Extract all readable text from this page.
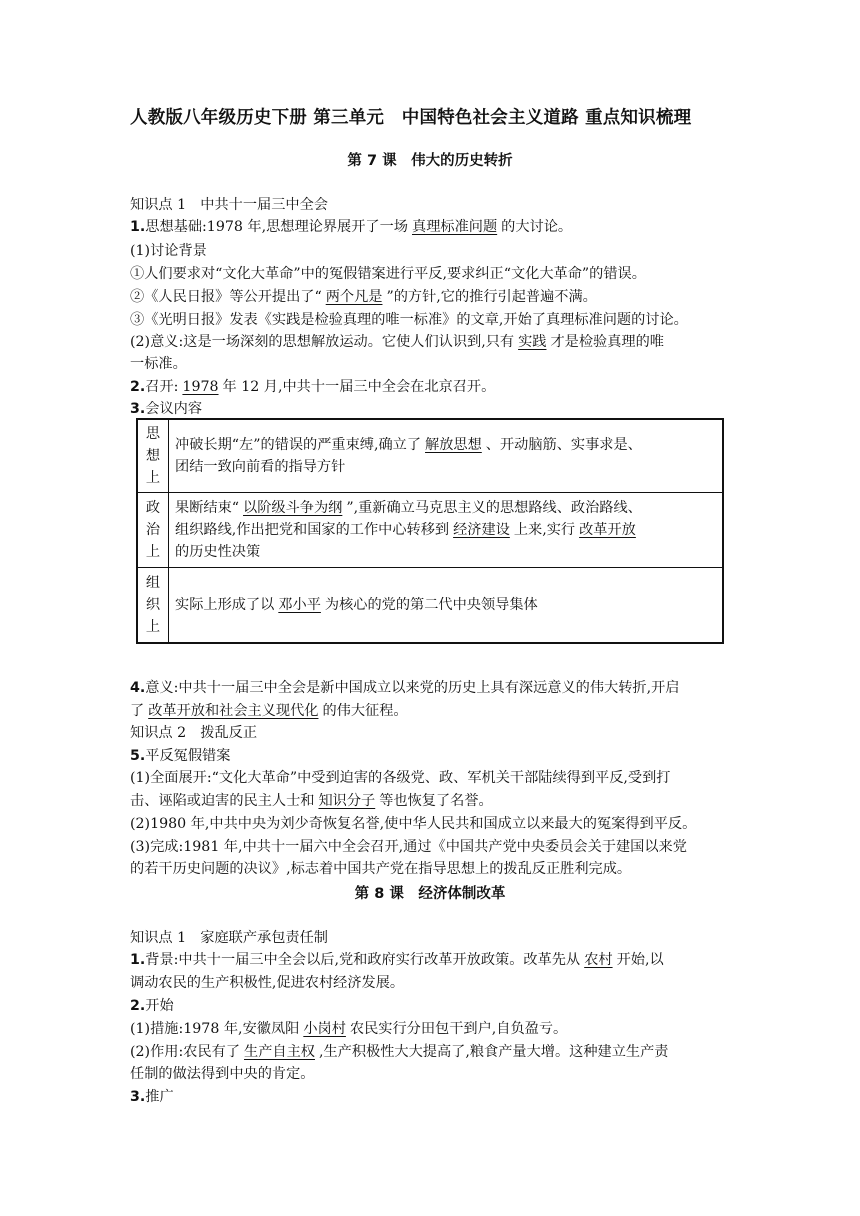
人教版八年级历史下册 第三单元　中国特色社会主义道路 重点知识梳理
第 7 课　伟大的历史转折
知识点 1　中共十一届三中全会
1.思想基础:1978 年,思想理论界展开了一场 真理标准问题 的大讨论。
(1)讨论背景
①人们要求对“文化大革命”中的冤假错案进行平反,要求纠正“文化大革命”的错误。
②《人民日报》等公开提出了“ 两个凡是 ”的方针,它的推行引起普遍不满。
③《光明日报》发表《实践是检验真理的唯一标准》的文章,开始了真理标准问题的讨论。
(2)意义:这是一场深刻的思想解放运动。它使人们认识到,只有 实践 才是检验真理的唯
一标准。
2.召开: 1978 年 12 月,中共十一届三中全会在北京召开。
3.会议内容
思
想
上	冲破长期“左”的错误的严重束缚,确立了 解放思想 、开动脑筋、实事求是、
团结一致向前看的指导方针
政
治
上	果断结束“ 以阶级斗争为纲 ”,重新确立马克思主义的思想路线、政治路线、
组织路线,作出把党和国家的工作中心转移到 经济建设 上来,实行 改革开放
的历史性决策
组
织
上	实际上形成了以 邓小平 为核心的党的第二代中央领导集体
4.意义:中共十一届三中全会是新中国成立以来党的历史上具有深远意义的伟大转折,开启
了 改革开放和社会主义现代化 的伟大征程。
知识点 2　拨乱反正
5.平反冤假错案
(1)全面展开:“文化大革命”中受到迫害的各级党、政、军机关干部陆续得到平反,受到打
击、诬陷或迫害的民主人士和 知识分子 等也恢复了名誉。
(2)1980 年,中共中央为刘少奇恢复名誉,使中华人民共和国成立以来最大的冤案得到平反。
(3)完成:1981 年,中共十一届六中全会召开,通过《中国共产党中央委员会关于建国以来党
的若干历史问题的决议》,标志着中国共产党在指导思想上的拨乱反正胜利完成。
第 8 课　经济体制改革
知识点 1　家庭联产承包责任制
1.背景:中共十一届三中全会以后,党和政府实行改革开放政策。改革先从 农村 开始,以
调动农民的生产积极性,促进农村经济发展。
2.开始
(1)措施:1978 年,安徽凤阳 小岗村 农民实行分田包干到户,自负盈亏。
(2)作用:农民有了 生产自主权 ,生产积极性大大提高了,粮食产量大增。这种建立生产责
任制的做法得到中央的肯定。
3.推广
